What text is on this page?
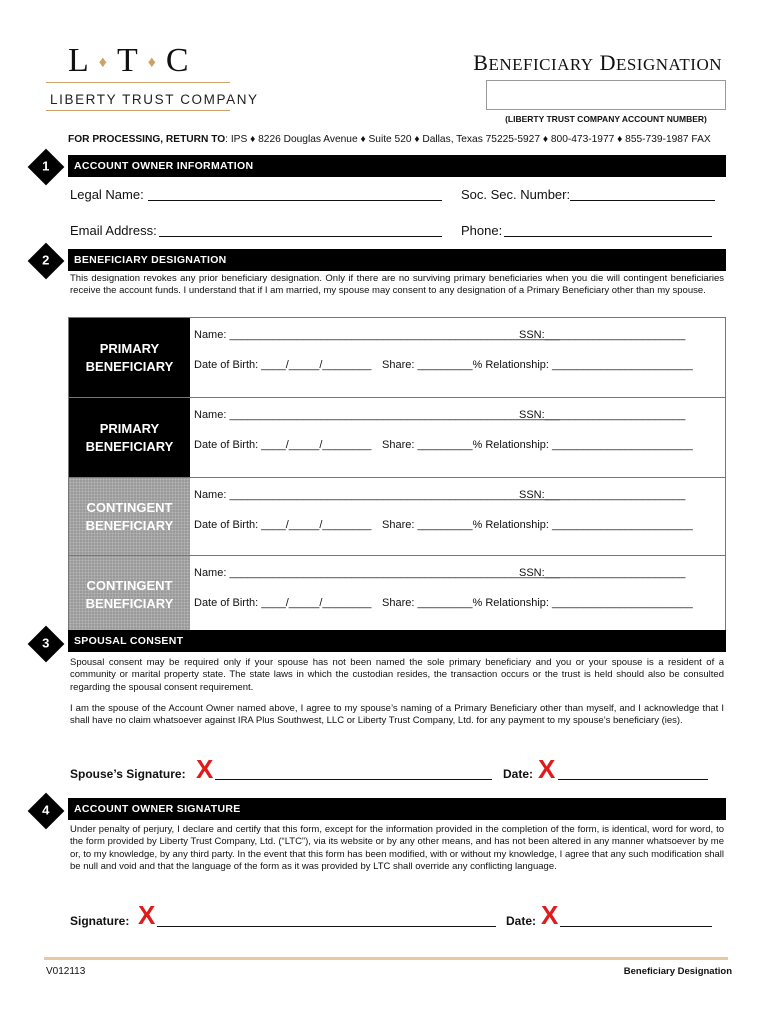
L ♦ T ♦ C
LIBERTY TRUST COMPANY
BENEFICIARY DESIGNATION
(LIBERTY TRUST COMPANY ACCOUNT NUMBER)
FOR PROCESSING, RETURN TO: IPS ♦ 8226 Douglas Avenue ♦ Suite 520 ♦ Dallas, Texas 75225-5927 ♦ 800-473-1977 ♦ 855-739-1987 FAX
1	ACCOUNT OWNER INFORMATION
Legal Name:	Soc. Sec. Number:
Email Address:	Phone:
2	BENEFICIARY DESIGNATION
This designation revokes any prior beneficiary designation. Only if there are no surviving primary beneficiaries when you die will contingent beneficiaries receive the account funds. I understand that if I am married, my spouse may consent to any designation of a Primary Beneficiary other than my spouse.
PRIMARY
BENEFICIARY
Name: ______________________________________________________
SSN:_______________________
Date of Birth: ____/_____/________ Share: _________% Relationship: _______________________
PRIMARY
BENEFICIARY
Name: ______________________________________________________
SSN:_______________________
Date of Birth: ____/_____/________ Share: _________% Relationship: _______________________
CONTINGENT
BENEFICIARY
Name: ______________________________________________________
SSN:_______________________
Date of Birth: ____/_____/________ Share: _________% Relationship: _______________________
CONTINGENT
BENEFICIARY
Name: ______________________________________________________
SSN:_______________________
Date of Birth: ____/_____/________ Share: _________% Relationship: _______________________
3	SPOUSAL CONSENT
Spousal consent may be required only if your spouse has not been named the sole primary beneficiary and you or your spouse is a resident of a community or marital property state. The state laws in which the custodian resides, the transaction occurs or the trust is held should also be consulted regarding the spousal consent requirement.
I am the spouse of the Account Owner named above, I agree to my spouse’s naming of a Primary Beneficiary other than myself, and I acknowledge that I shall have no claim whatsoever against IRA Plus Southwest, LLC or Liberty Trust Company, Ltd. for any payment to my spouse’s beneficiary (ies).
Spouse’s Signature: X	Date: X
4	ACCOUNT OWNER SIGNATURE
Under penalty of perjury, I declare and certify that this form, except for the information provided in the completion of the form, is identical, word for word, to the form provided by Liberty Trust Company, Ltd. (“LTC”), via its website or by any other means, and has not been altered in any manner whatsoever by me or, to my knowledge, by any third party. In the event that this form has been modified, with or without my knowledge, I agree that any such modification shall be null and void and that the language of the form as it was provided by LTC shall override any conflicting language.
Signature: X	Date: X
V012113	Beneficiary Designation
